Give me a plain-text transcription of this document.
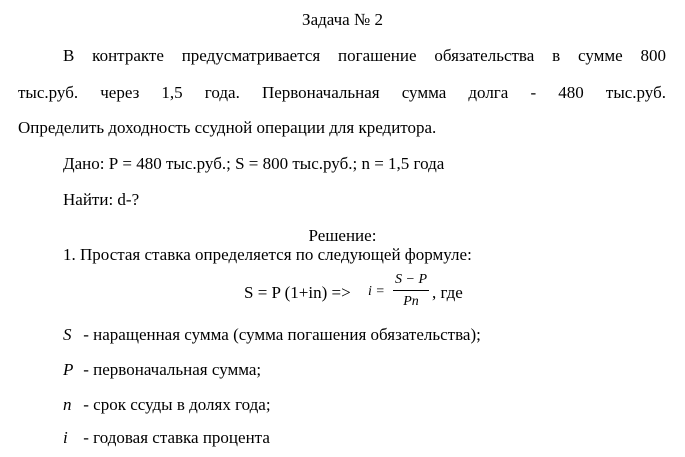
Задача № 2
В контракте предусматривается погашение обязательства в сумме 800
тыс.руб. через 1,5 года. Первоначальная сумма долга - 480 тыс.руб.
Определить доходность ссудной операции для кредитора.
Дано: Р = 480 тыс.руб.; S = 800 тыс.руб.; n = 1,5 года
Найти: d-?
Решение:
1. Простая ставка определяется по следующей формуле:
S = P (1+in) => i =
S − P
Pn , где
S - наращенная сумма (сумма погашения обязательства);
P - первоначальная сумма;
n - срок ссуды в долях года;
i - годовая ставка процента
